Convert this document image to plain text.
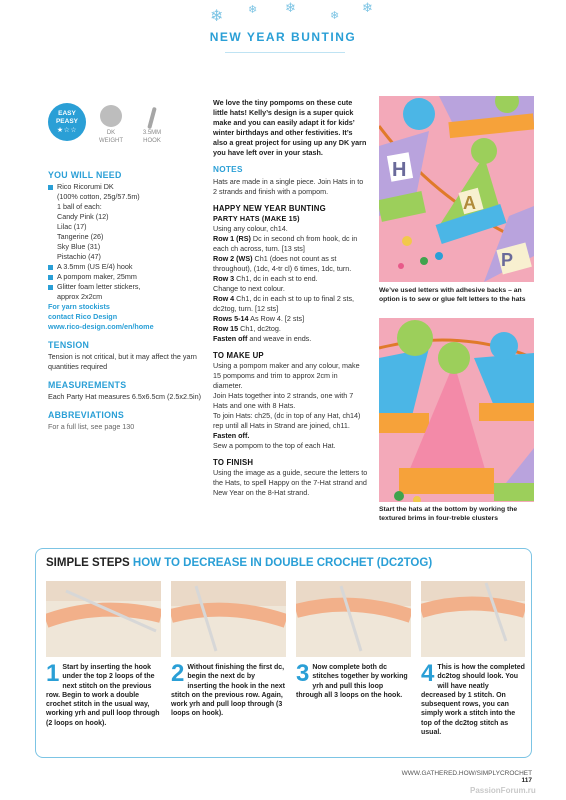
❄ ❄ ❄	❄ ❄
NEW YEAR BUNTING
EASY
PEASY
★☆☆	DK
WEIGHT
3.5MM
HOOK
YOU WILL NEED
Rico Ricorumi DK
(100% cotton, 25g/57.5m)
1 ball of each:
Candy Pink (12)
Lilac (17)
Tangerine (26)
Sky Blue (31)
Pistachio (47)
A 3.5mm (US E/4) hook
A pompom maker, 25mm
Glitter foam letter stickers,
approx 2x2cm
For yarn stockists
contact Rico Design
www.rico-design.com/en/home
TENSION
Tension is not critical, but it may affect the yarn quantities required
MEASUREMENTS
Each Party Hat measures 6.5x6.5cm (2.5x2.5in)
ABBREVIATIONS
For a full list, see page 130

We love the tiny pompoms on these cute little hats! Kelly’s design is a super quick make and you can easily adapt it for kids’ winter birthdays and other festivities. It’s also a great project for using up any DK yarn you have left over in your stash.

NOTES

Hats are made in a single piece. Join Hats in to 2 strands and finish with a pompom.

HAPPY NEW YEAR BUNTING
PARTY HATS (MAKE 15)

Using any colour, ch14.

Row 1 (RS) Dc in second ch from hook, dc in each ch across, turn. [13 sts]

Row 2 (WS) Ch1 (does not count as st throughout), (1dc, 4-tr cl) 6 times, 1dc, turn.

Row 3 Ch1, dc in each st to end.

Change to next colour.

Row 4 Ch1, dc in each st to up to final 2 sts, dc2tog, turn. [12 sts]

Rows 5-14 As Row 4. [2 sts]

Row 15 Ch1, dc2tog.

Fasten off and weave in ends.

TO MAKE UP

Using a pompom maker and any colour, make 15 pompoms and trim to approx 2cm in diameter.

Join Hats together into 2 strands, one with 7 Hats and one with 8 Hats.

To join Hats: ch25, (dc in top of any Hat, ch14) rep until all Hats in Strand are joined, ch11.

Fasten off.

Sew a pompom to the top of each Hat.

TO FINISH

Using the image as a guide, secure the letters to the Hats, to spell Happy on the 7-Hat strand and New Year on the 8-Hat strand.

H
A
P
We’ve used letters with adhesive backs – an option is to sew or glue felt letters to the hats
Start the hats at the bottom by working the textured brims in four-treble clusters
SIMPLE STEPS HOW TO DECREASE IN DOUBLE CROCHET (DC2TOG)
1 Start by inserting the hook under the top 2 loops of the next stitch on the previous row. Begin to work a double crochet stitch in the usual way, working yrh and pull loop through (2 loops on hook).
2 Without finishing the first dc, begin the next dc by inserting the hook in the next stitch on the previous row. Again, work yrh and pull loop through (3 loops on hook).
3 Now complete both dc stitches together by working yrh and pull this loop through all 3 loops on the hook.
4 This is how the completed dc2tog should look. You will have neatly decreased by 1 stitch. On subsequent rows, you can simply work a stitch into the top of the dc2tog stitch as usual.
WWW.GATHERED.HOW/SIMPLYCROCHET 117
PassionForum.ru
